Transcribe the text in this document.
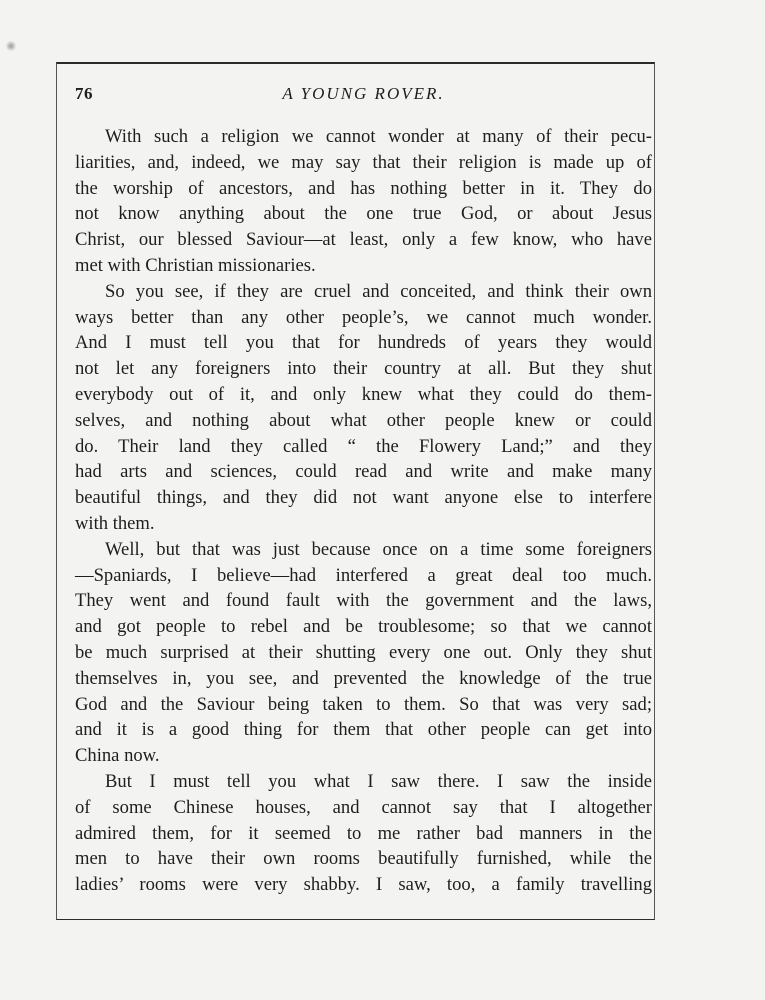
76	A YOUNG ROVER.
With such a religion we cannot wonder at many of their pecu-
liarities, and, indeed, we may say that their religion is made up of
the worship of ancestors, and has nothing better in it. They do
not know anything about the one true God, or about Jesus
Christ, our blessed Saviour—at least, only a few know, who have
met with Christian missionaries.
So you see, if they are cruel and conceited, and think their own
ways better than any other people’s, we cannot much wonder.
And I must tell you that for hundreds of years they would
not let any foreigners into their country at all. But they shut
everybody out of it, and only knew what they could do them-
selves, and nothing about what other people knew or could
do. Their land they called “ the Flowery Land;” and they
had arts and sciences, could read and write and make many
beautiful things, and they did not want anyone else to interfere
with them.
Well, but that was just because once on a time some foreigners
—Spaniards, I believe—had interfered a great deal too much.
They went and found fault with the government and the laws,
and got people to rebel and be troublesome; so that we cannot
be much surprised at their shutting every one out. Only they shut
themselves in, you see, and prevented the knowledge of the true
God and the Saviour being taken to them. So that was very sad;
and it is a good thing for them that other people can get into
China now.
But I must tell you what I saw there. I saw the inside
of some Chinese houses, and cannot say that I altogether
admired them, for it seemed to me rather bad manners in the
men to have their own rooms beautifully furnished, while the
ladies’ rooms were very shabby. I saw, too, a family travelling
